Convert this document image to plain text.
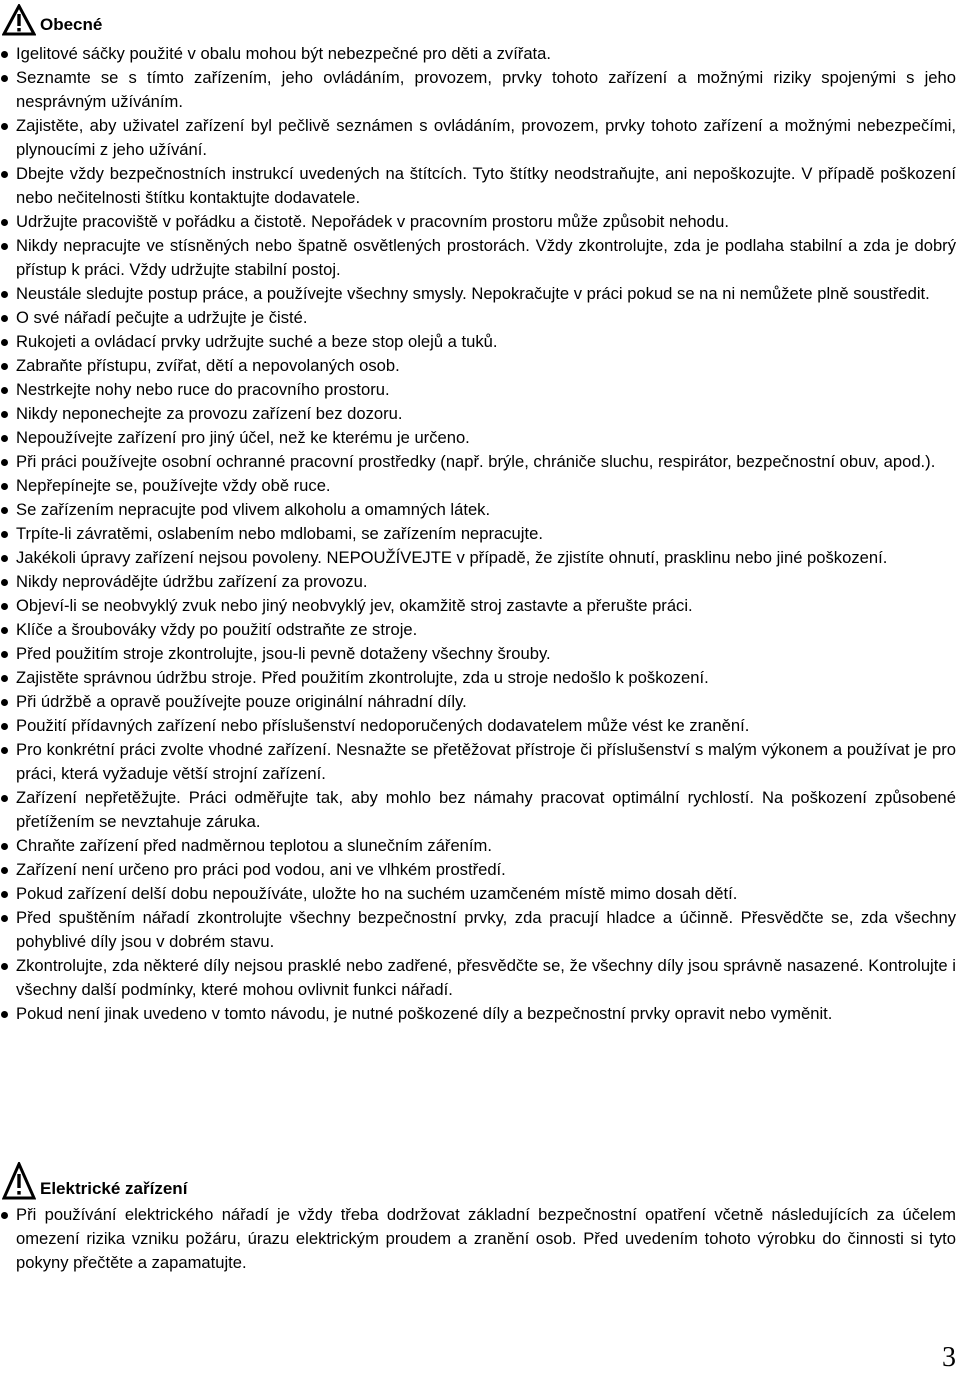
Obecné
Igelitové sáčky použité v obalu mohou být nebezpečné pro děti a zvířata.
Seznamte se s tímto zařízením, jeho ovládáním, provozem, prvky tohoto zařízení a možnými riziky spojenými s jeho nesprávným užíváním.
Zajistěte, aby uživatel zařízení byl pečlivě seznámen s ovládáním, provozem, prvky tohoto zařízení a možnými nebezpečími, plynoucími z jeho užívání.
Dbejte vždy bezpečnostních instrukcí uvedených na štítcích. Tyto štítky neodstraňujte, ani nepoškozujte. V případě poškození nebo nečitelnosti štítku kontaktujte dodavatele.
Udržujte pracoviště v pořádku a čistotě. Nepořádek v pracovním prostoru může způsobit nehodu.
Nikdy nepracujte ve stísněných nebo špatně osvětlených prostorách. Vždy zkontrolujte, zda je podlaha stabilní a zda je dobrý přístup k práci. Vždy udržujte stabilní postoj.
Neustále sledujte postup práce, a používejte všechny smysly. Nepokračujte v práci pokud se na ni nemůžete plně soustředit.
O své nářadí pečujte a udržujte je čisté.
Rukojeti a ovládací prvky udržujte suché a beze stop olejů a tuků.
Zabraňte přístupu, zvířat, dětí a nepovolaných osob.
Nestrkejte nohy nebo ruce do pracovního prostoru.
Nikdy neponechejte za provozu zařízení bez dozoru.
Nepoužívejte zařízení pro jiný účel, než ke kterému je určeno.
Při práci používejte osobní ochranné pracovní prostředky (např. brýle, chrániče sluchu, respirátor, bezpečnostní obuv, apod.).
Nepřepínejte se, používejte vždy obě ruce.
Se zařízením nepracujte pod vlivem alkoholu a omamných látek.
Trpíte-li závratěmi, oslabením nebo mdlobami, se zařízením nepracujte.
Jakékoli úpravy zařízení nejsou povoleny. NEPOUŽÍVEJTE v případě, že zjistíte ohnutí, prasklinu nebo jiné poškození.
Nikdy neprovádějte údržbu zařízení za provozu.
Objeví-li se neobvyklý zvuk nebo jiný neobvyklý jev, okamžitě stroj zastavte a přerušte práci.
Klíče a šroubováky vždy po použití odstraňte ze stroje.
Před použitím stroje zkontrolujte, jsou-li pevně dotaženy všechny šrouby.
Zajistěte správnou údržbu stroje. Před použitím zkontrolujte, zda u stroje nedošlo k poškození.
Při údržbě a opravě používejte pouze originální náhradní díly.
Použití přídavných zařízení nebo příslušenství nedoporučených dodavatelem může vést ke zranění.
Pro konkrétní práci zvolte vhodné zařízení. Nesnažte se přetěžovat přístroje či příslušenství s malým výkonem a používat je pro práci, která vyžaduje větší strojní zařízení.
Zařízení nepřetěžujte. Práci odměřujte tak, aby mohlo bez námahy pracovat optimální rychlostí. Na poškození způsobené přetížením se nevztahuje záruka.
Chraňte zařízení před nadměrnou teplotou a slunečním zářením.
Zařízení není určeno pro práci pod vodou, ani ve vlhkém prostředí.
Pokud zařízení delší dobu nepoužíváte, uložte ho na suchém uzamčeném místě mimo dosah dětí.
Před spuštěním nářadí zkontrolujte všechny bezpečnostní prvky, zda pracují hladce a účinně. Přesvědčte se, zda všechny pohyblivé díly jsou v dobrém stavu.
Zkontrolujte, zda některé díly nejsou prasklé nebo zadřené, přesvědčte se, že všechny díly jsou správně nasazené. Kontrolujte i všechny další podmínky, které mohou ovlivnit funkci nářadí.
Pokud není jinak uvedeno v tomto návodu, je nutné poškozené díly a bezpečnostní prvky opravit nebo vyměnit.
Elektrické zařízení
Při používání elektrického nářadí je vždy třeba dodržovat základní bezpečnostní opatření včetně následujících za účelem omezení rizika vzniku požáru, úrazu elektrickým proudem a zranění osob. Před uvedením tohoto výrobku do činnosti si tyto pokyny přečtěte a zapamatujte.
3
